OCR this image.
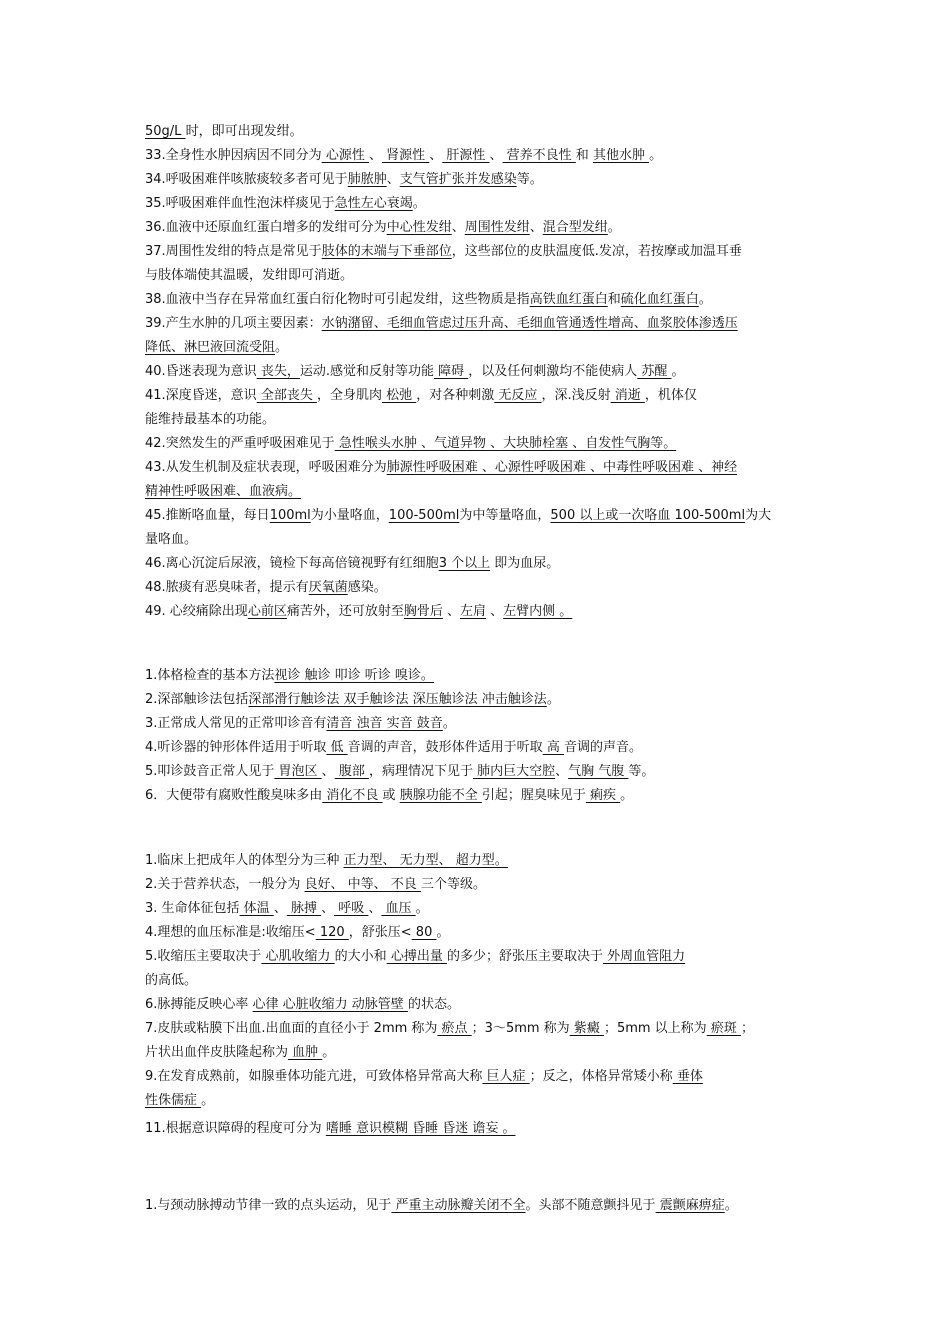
50g/L 时，即可出现发绀。
33.全身性水肿因病因不同分为 心源性 、 肾源性 、 肝源性 、 营养不良性 和 其他水肿 。
34.呼吸困难伴咳脓痰较多者可见于肺脓肿、支气管扩张并发感染等。
35.呼吸困难伴血性泡沫样痰见于急性左心衰竭。
36.血液中还原血红蛋白增多的发绀可分为中心性发绀、周围性发绀、混合型发绀。
37.周围性发绀的特点是常见于肢体的末端与下垂部位，这些部位的皮肤温度低.发凉，若按摩或加温耳垂
与肢体端使其温暖，发绀即可消逝。
38.血液中当存在异常血红蛋白衍化物时可引起发绀，这些物质是指高铁血红蛋白和硫化血红蛋白。
39.产生水肿的几项主要因素：水钠潴留、毛细血管虑过压升高、毛细血管通透性增高、血浆胶体渗透压
降低、淋巴液回流受阻。
40.昏迷表现为意识 丧失，运动.感觉和反射等功能 障碍 ，以及任何刺激均不能使病人 苏醒 。
41.深度昏迷，意识 全部丧失 ，全身肌肉 松弛 ，对各种刺激 无反应 ，深.浅反射 消逝 ，机体仅
能维持最基本的功能。
42.突然发生的严重呼吸困难见于 急性喉头水肿 、气道异物 、大块肺栓塞 、自发性气胸等。
43.从发生机制及症状表现，呼吸困难分为肺源性呼吸困难 、心源性呼吸困难 、中毒性呼吸困难 、神经
精神性呼吸困难、血液病。
45.推断咯血量，每日100ml为小量咯血，100-500ml为中等量咯血，500 以上或一次咯血 100-500ml为大
量咯血。
46.离心沉淀后尿液，镜检下每高倍镜视野有红细胞3 个以上 即为血尿。
48.脓痰有恶臭味者，提示有厌氧菌感染。
49. 心绞痛除出现心前区痛苦外，还可放射至胸骨后 、左肩 、左臂内侧 。
1.体格检查的基本方法视诊 触诊 叩诊 听诊 嗅诊。
2.深部触诊法包括深部滑行触诊法 双手触诊法 深压触诊法 冲击触诊法。
3.正常成人常见的正常叩诊音有清音 浊音 实音 鼓音。
4.听诊器的钟形体件适用于听取 低 音调的声音，鼓形体件适用于听取 高 音调的声音。
5.叩诊鼓音正常人见于 胃泡区 、 腹部 ，病理情况下见于 肺内巨大空腔、气胸 气腹 等。
6．大便带有腐败性酸臭味多由 消化不良 或 胰腺功能不全 引起；腥臭味见于 痢疾 。
1.临床上把成年人的体型分为三种 正力型、 无力型、 超力型。
2.关于营养状态，一般分为 良好、 中等、 不良 三个等级。
3. 生命体征包括 体温 、 脉搏 、 呼吸 、 血压 。
4.理想的血压标准是:收缩压< 120 ，舒张压< 80 。
5.收缩压主要取决于 心肌收缩力 的大小和 心搏出量 的多少；舒张压主要取决于 外周血管阻力
的高低。
6.脉搏能反映心率 心律 心脏收缩力 动脉管壁 的状态。
7.皮肤或粘膜下出血.出血面的直径小于 2mm 称为 瘀点 ；3～5mm 称为 紫癜 ；5mm 以上称为 瘀斑 ；
片状出血伴皮肤隆起称为 血肿 。
9.在发育成熟前，如腺垂体功能亢进，可致体格异常高大称 巨人症 ；反之，体格异常矮小称 垂体
性侏儒症 。
11.根据意识障碍的程度可分为 嗜睡 意识模糊 昏睡 昏迷 谵妄 。
1.与颈动脉搏动节律一致的点头运动，见于 严重主动脉瓣关闭不全。头部不随意颤抖见于 震颤麻痹症。
